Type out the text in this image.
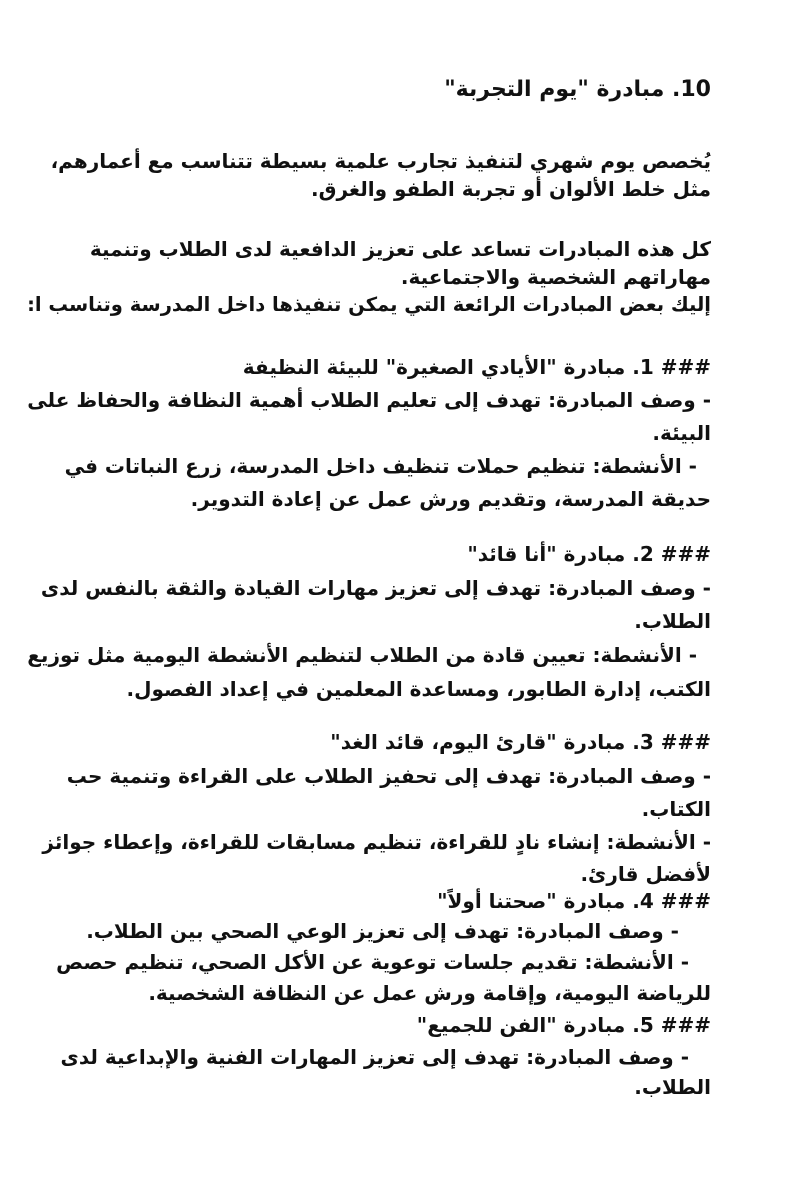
10. مبادرة "يوم التجربة"
يُخصص يوم شهري لتنفيذ تجارب علمية بسيطة تتناسب مع أعمارهم،
مثل خلط الألوان أو تجربة الطفو والغرق.
كل هذه المبادرات تساعد على تعزيز الدافعية لدى الطلاب وتنمية
مهاراتهم الشخصية والاجتماعية.
إليك بعض المبادرات الرائعة التي يمكن تنفيذها داخل المدرسة وتناسب ا:
### 1. مبادرة "الأيادي الصغيرة" للبيئة النظيفة
- وصف المبادرة: تهدف إلى تعليم الطلاب أهمية النظافة والحفاظ على
البيئة.
- الأنشطة: تنظيم حملات تنظيف داخل المدرسة، زرع النباتات في
حديقة المدرسة، وتقديم ورش عمل عن إعادة التدوير.
### 2. مبادرة "أنا قائد"
- وصف المبادرة: تهدف إلى تعزيز مهارات القيادة والثقة بالنفس لدى
الطلاب.
- الأنشطة: تعيين قادة من الطلاب لتنظيم الأنشطة اليومية مثل توزيع
الكتب، إدارة الطابور، ومساعدة المعلمين في إعداد الفصول.
### 3. مبادرة "قارئ اليوم، قائد الغد"
- وصف المبادرة: تهدف إلى تحفيز الطلاب على القراءة وتنمية حب
الكتاب.
- الأنشطة: إنشاء نادٍ للقراءة، تنظيم مسابقات للقراءة، وإعطاء جوائز
لأفضل قارئ.
### 4. مبادرة "صحتنا أولاً"
- وصف المبادرة: تهدف إلى تعزيز الوعي الصحي بين الطلاب.
- الأنشطة: تقديم جلسات توعوية عن الأكل الصحي، تنظيم حصص
للرياضة اليومية، وإقامة ورش عمل عن النظافة الشخصية.
### 5. مبادرة "الفن للجميع"
- وصف المبادرة: تهدف إلى تعزيز المهارات الفنية والإبداعية لدى
الطلاب.
